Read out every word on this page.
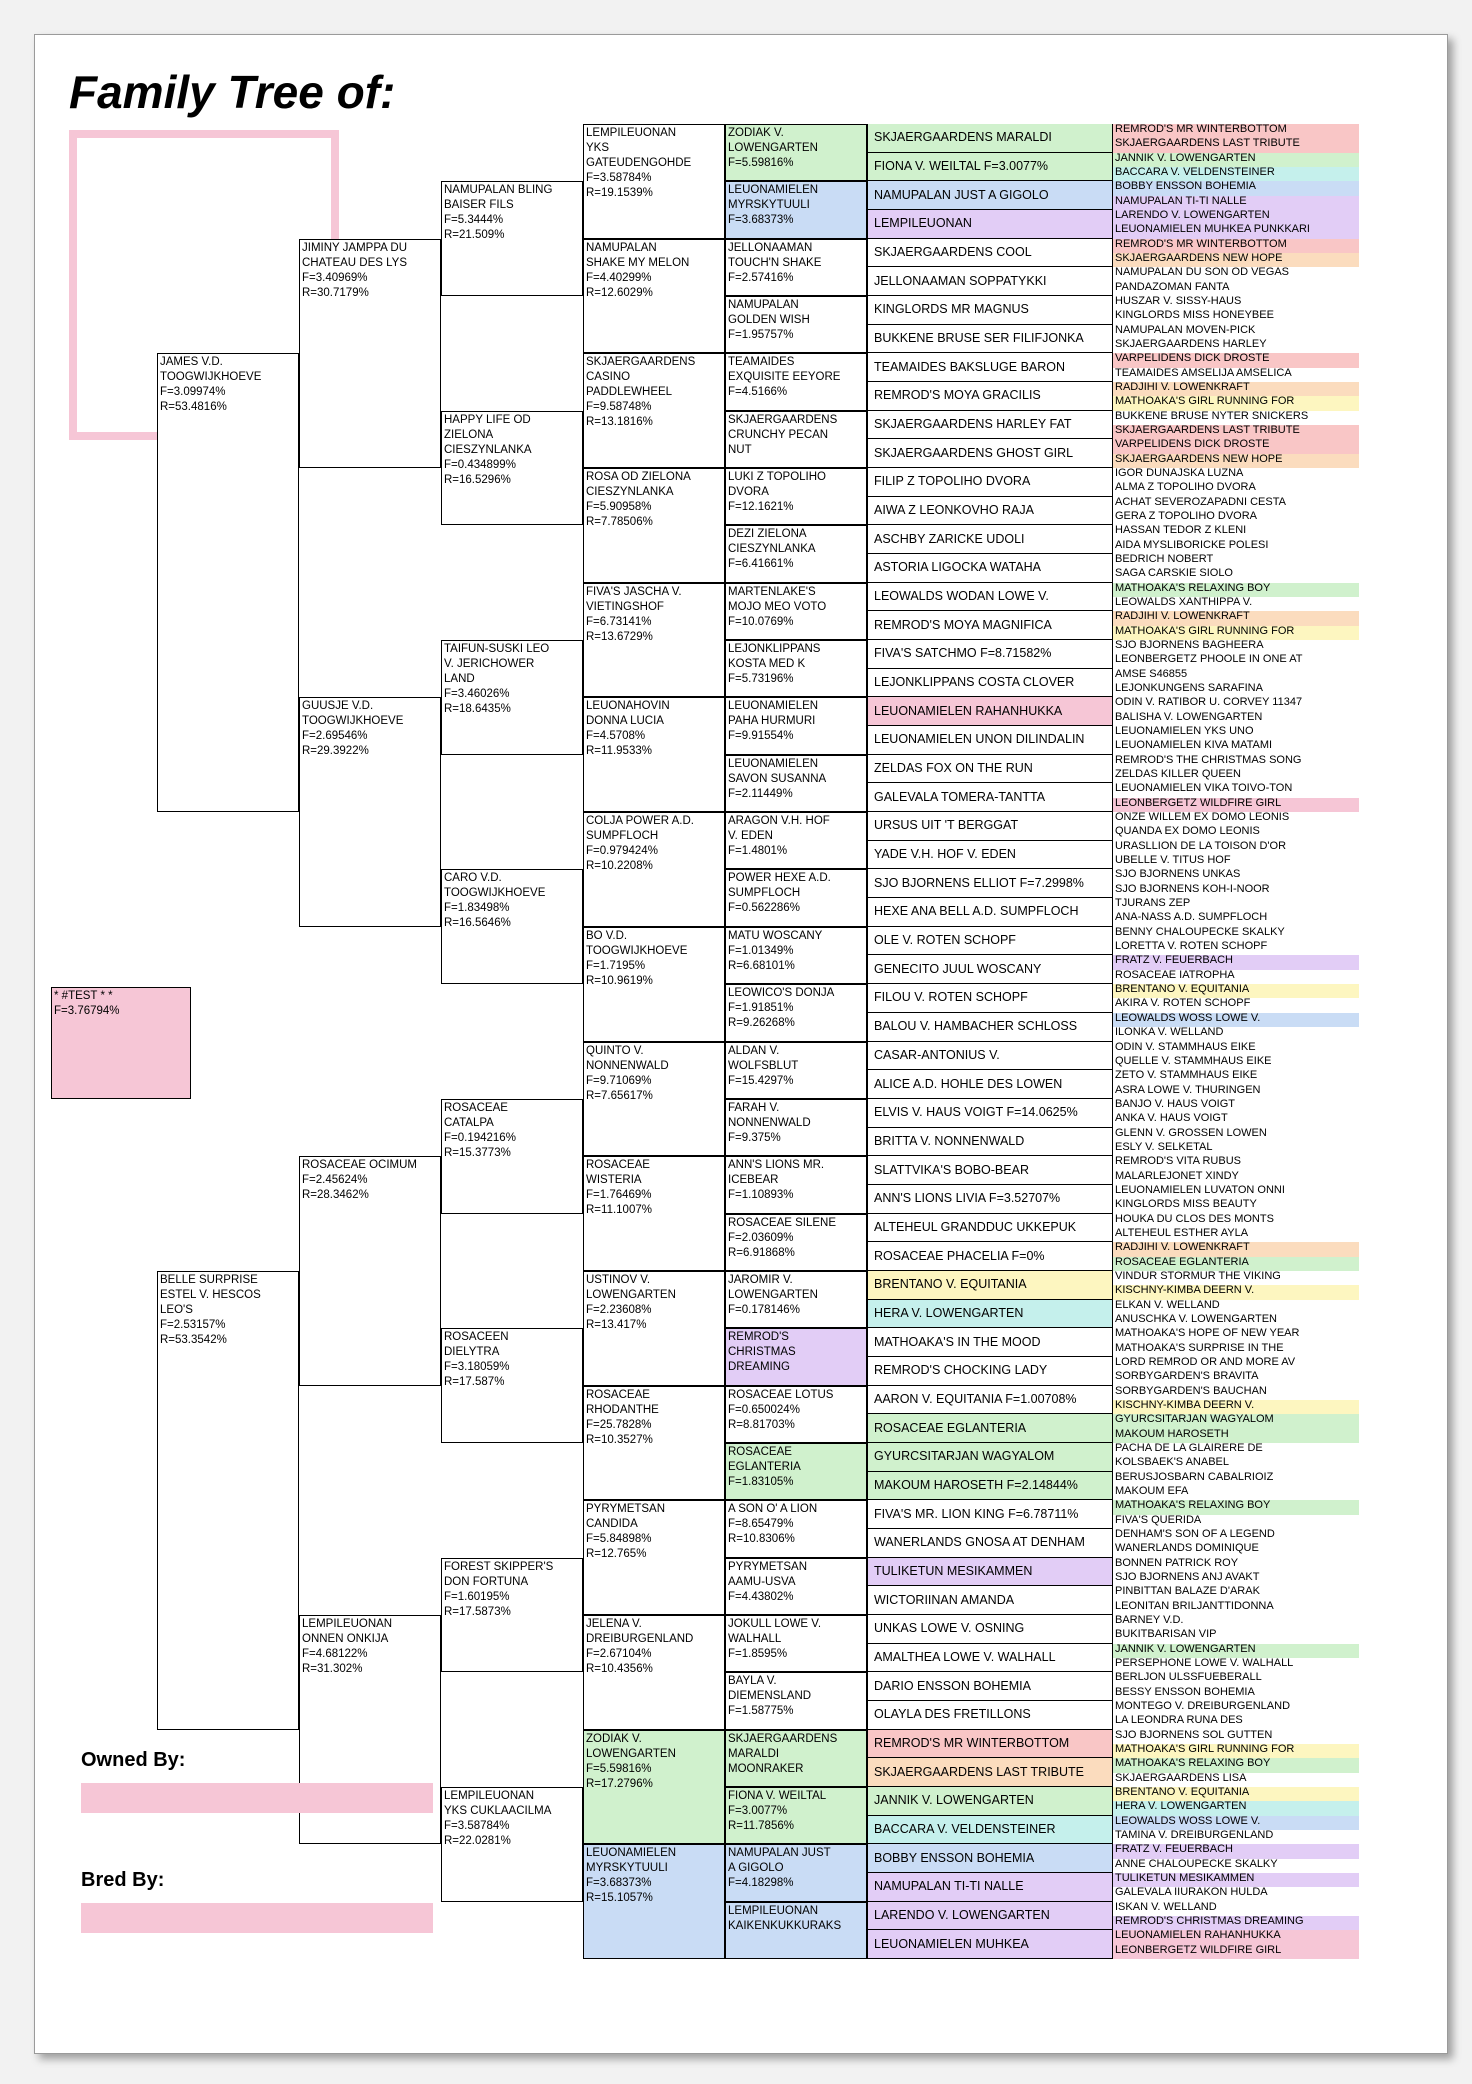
Family Tree of:
* #TEST * *
F=3.76794%
JAMES V.D.
TOOGWIJKHOEVE
F=3.09974%
R=53.4816%
BELLE SURPRISE
ESTEL V. HESCOS
LEO'S
F=2.53157%
R=53.3542%
JIMINY JAMPPA DU
CHATEAU DES LYS
F=3.40969%
R=30.7179%
GUUSJE V.D.
TOOGWIJKHOEVE
F=2.69546%
R=29.3922%
ROSACEAE OCIMUM
F=2.45624%
R=28.3462%
LEMPILEUONAN
ONNEN ONKIJA
F=4.68122%
R=31.302%
NAMUPALAN BLING
BAISER FILS
F=5.3444%
R=21.509%
HAPPY LIFE OD
ZIELONA
CIESZYNLANKA
F=0.434899%
R=16.5296%
TAIFUN-SUSKI LEO
V. JERICHOWER
LAND
F=3.46026%
R=18.6435%
CARO V.D.
TOOGWIJKHOEVE
F=1.83498%
R=16.5646%
ROSACEAE
CATALPA
F=0.194216%
R=15.3773%
ROSACEEN
DIELYTRA
F=3.18059%
R=17.587%
FOREST SKIPPER'S
DON FORTUNA
F=1.60195%
R=17.5873%
LEMPILEUONAN
YKS CUKLAACILMA
F=3.58784%
R=22.0281%
LEMPILEUONAN
YKS
GATEUDENGOHDE
F=3.58784%
R=19.1539%
NAMUPALAN
SHAKE MY MELON
F=4.40299%
R=12.6029%
SKJAERGAARDENS
CASINO
PADDLEWHEEL
F=9.58748%
R=13.1816%
ROSA OD ZIELONA
CIESZYNLANKA
F=5.90958%
R=7.78506%
FIVA'S JASCHA V.
VIETINGSHOF
F=6.73141%
R=13.6729%
LEUONAHOVIN
DONNA LUCIA
F=4.5708%
R=11.9533%
COLJA POWER A.D.
SUMPFLOCH
F=0.979424%
R=10.2208%
BO V.D.
TOOGWIJKHOEVE
F=1.7195%
R=10.9619%
QUINTO V.
NONNENWALD
F=9.71069%
R=7.65617%
ROSACEAE
WISTERIA
F=1.76469%
R=11.1007%
USTINOV V.
LOWENGARTEN
F=2.23608%
R=13.417%
ROSACEAE
RHODANTHE
F=25.7828%
R=10.3527%
PYRYMETSAN
CANDIDA
F=5.84898%
R=12.765%
JELENA V.
DREIBURGENLAND
F=2.67104%
R=10.4356%
ZODIAK V.
LOWENGARTEN
F=5.59816%
R=17.2796%
LEUONAMIELEN
MYRSKYTUULI
F=3.68373%
R=15.1057%
ZODIAK V.
LOWENGARTEN
F=5.59816%
LEUONAMIELEN
MYRSKYTUULI
F=3.68373%
JELLONAAMAN
TOUCH'N SHAKE
F=2.57416%
NAMUPALAN
GOLDEN WISH
F=1.95757%
TEAMAIDES
EXQUISITE EEYORE
F=4.5166%
SKJAERGAARDENS
CRUNCHY PECAN
NUT
LUKI Z TOPOLIHO
DVORA
F=12.1621%
DEZI ZIELONA
CIESZYNLANKA
F=6.41661%
MARTENLAKE'S
MOJO MEO VOTO
F=10.0769%
LEJONKLIPPANS
KOSTA MED K
F=5.73196%
LEUONAMIELEN
PAHA HURMURI
F=9.91554%
LEUONAMIELEN
SAVON SUSANNA
F=2.11449%
ARAGON V.H. HOF
V. EDEN
F=1.4801%
POWER HEXE A.D.
SUMPFLOCH
F=0.562286%
MATU WOSCANY
F=1.01349%
R=6.68101%
LEOWICO'S DONJA
F=1.91851%
R=9.26268%
ALDAN V.
WOLFSBLUT
F=15.4297%
FARAH V.
NONNENWALD
F=9.375%
ANN'S LIONS MR.
ICEBEAR
F=1.10893%
ROSACEAE SILENE
F=2.03609%
R=6.91868%
JAROMIR V.
LOWENGARTEN
F=0.178146%
REMROD'S
CHRISTMAS
DREAMING
ROSACEAE LOTUS
F=0.650024%
R=8.81703%
ROSACEAE
EGLANTERIA
F=1.83105%
A SON O' A LION
F=8.65479%
R=10.8306%
PYRYMETSAN
AAMU-USVA
F=4.43802%
JOKULL LOWE V.
WALHALL
F=1.8595%
BAYLA V.
DIEMENSLAND
F=1.58775%
SKJAERGAARDENS
MARALDI
MOONRAKER
FIONA V. WEILTAL
F=3.0077%
R=11.7856%
NAMUPALAN JUST
A GIGOLO
F=4.18298%
LEMPILEUONAN
KAIKENKUKKURAKS
SKJAERGAARDENS MARALDI
FIONA V. WEILTAL F=3.0077%
NAMUPALAN JUST A GIGOLO
LEMPILEUONAN
SKJAERGAARDENS COOL
JELLONAAMAN SOPPATYKKI
KINGLORDS MR MAGNUS
BUKKENE BRUSE SER FILIFJONKA
TEAMAIDES BAKSLUGE BARON
REMROD'S MOYA GRACILIS
SKJAERGAARDENS HARLEY FAT
SKJAERGAARDENS GHOST GIRL
FILIP Z TOPOLIHO DVORA
AIWA Z LEONKOVHO RAJA
ASCHBY ZARICKE UDOLI
ASTORIA LIGOCKA WATAHA
LEOWALDS WODAN LOWE V.
REMROD'S MOYA MAGNIFICA
FIVA'S SATCHMO F=8.71582%
LEJONKLIPPANS COSTA CLOVER
LEUONAMIELEN RAHANHUKKA
LEUONAMIELEN UNON DILINDALIN
ZELDAS FOX ON THE RUN
GALEVALA TOMERA-TANTTA
URSUS UIT 'T BERGGAT
YADE V.H. HOF V. EDEN
SJO BJORNENS ELLIOT F=7.2998%
HEXE ANA BELL A.D. SUMPFLOCH
OLE V. ROTEN SCHOPF
GENECITO JUUL WOSCANY
FILOU V. ROTEN SCHOPF
BALOU V. HAMBACHER SCHLOSS
CASAR-ANTONIUS V.
ALICE A.D. HOHLE DES LOWEN
ELVIS V. HAUS VOIGT F=14.0625%
BRITTA V. NONNENWALD
SLATTVIKA'S BOBO-BEAR
ANN'S LIONS LIVIA F=3.52707%
ALTEHEUL GRANDDUC UKKEPUK
ROSACEAE PHACELIA F=0%
BRENTANO V. EQUITANIA
HERA V. LOWENGARTEN
MATHOAKA'S IN THE MOOD
REMROD'S CHOCKING LADY
AARON V. EQUITANIA F=1.00708%
ROSACEAE EGLANTERIA
GYURCSITARJAN WAGYALOM
MAKOUM HAROSETH F=2.14844%
FIVA'S MR. LION KING F=6.78711%
WANERLANDS GNOSA AT DENHAM
TULIKETUN MESIKAMMEN
WICTORIINAN AMANDA
UNKAS LOWE V. OSNING
AMALTHEA LOWE V. WALHALL
DARIO ENSSON BOHEMIA
OLAYLA DES FRETILLONS
REMROD'S MR WINTERBOTTOM
SKJAERGAARDENS LAST TRIBUTE
JANNIK V. LOWENGARTEN
BACCARA V. VELDENSTEINER
BOBBY ENSSON BOHEMIA
NAMUPALAN TI-TI NALLE
LARENDO V. LOWENGARTEN
LEUONAMIELEN MUHKEA
REMROD'S MR WINTERBOTTOM
SKJAERGAARDENS LAST TRIBUTE
JANNIK V. LOWENGARTEN
BACCARA V. VELDENSTEINER
BOBBY ENSSON BOHEMIA
NAMUPALAN TI-TI NALLE
LARENDO V. LOWENGARTEN
LEUONAMIELEN MUHKEA PUNKKARI
REMROD'S MR WINTERBOTTOM
SKJAERGAARDENS NEW HOPE
NAMUPALAN DU SON OD VEGAS
PANDAZOMAN FANTA
HUSZAR V. SISSY-HAUS
KINGLORDS MISS HONEYBEE
NAMUPALAN MOVEN-PICK
SKJAERGAARDENS HARLEY
VARPELIDENS DICK DROSTE
TEAMAIDES AMSELIJA AMSELICA
RADJIHI V. LOWENKRAFT
MATHOAKA'S GIRL RUNNING FOR
BUKKENE BRUSE NYTER SNICKERS
SKJAERGAARDENS LAST TRIBUTE
VARPELIDENS DICK DROSTE
SKJAERGAARDENS NEW HOPE
IGOR DUNAJSKA LUZNA
ALMA Z TOPOLIHO DVORA
ACHAT SEVEROZAPADNI CESTA
GERA Z TOPOLIHO DVORA
HASSAN TEDOR Z KLENI
AIDA MYSLIBORICKE POLESI
BEDRICH NOBERT
SAGA CARSKIE SIOLO
MATHOAKA'S RELAXING BOY
LEOWALDS XANTHIPPA V.
RADJIHI V. LOWENKRAFT
MATHOAKA'S GIRL RUNNING FOR
SJO BJORNENS BAGHEERA
LEONBERGETZ PHOOLE IN ONE AT
AMSE S46855
LEJONKUNGENS SARAFINA
ODIN V. RATIBOR U. CORVEY 11347
BALISHA V. LOWENGARTEN
LEUONAMIELEN YKS UNO
LEUONAMIELEN KIVA MATAMI
REMROD'S THE CHRISTMAS SONG
ZELDAS KILLER QUEEN
LEUONAMIELEN VIKA TOIVO-TON
LEONBERGETZ WILDFIRE GIRL
ONZE WILLEM EX DOMO LEONIS
QUANDA EX DOMO LEONIS
URASLLION DE LA TOISON D'OR
UBELLE V. TITUS HOF
SJO BJORNENS UNKAS
SJO BJORNENS KOH-I-NOOR
TJURANS ZEP
ANA-NASS A.D. SUMPFLOCH
BENNY CHALOUPECKE SKALKY
LORETTA V. ROTEN SCHOPF
FRATZ V. FEUERBACH
ROSACEAE IATROPHA
BRENTANO V. EQUITANIA
AKIRA V. ROTEN SCHOPF
LEOWALDS WOSS LOWE V.
ILONKA V. WELLAND
ODIN V. STAMMHAUS EIKE
QUELLE V. STAMMHAUS EIKE
ZETO V. STAMMHAUS EIKE
ASRA LOWE V. THURINGEN
BANJO V. HAUS VOIGT
ANKA V. HAUS VOIGT
GLENN V. GROSSEN LOWEN
ESLY V. SELKETAL
REMROD'S VITA RUBUS
MALARLEJONET XINDY
LEUONAMIELEN LUVATON ONNI
KINGLORDS MISS BEAUTY
HOUKA DU CLOS DES MONTS
ALTEHEUL ESTHER AYLA
RADJIHI V. LOWENKRAFT
ROSACEAE EGLANTERIA
VINDUR STORMUR THE VIKING
KISCHNY-KIMBA DEERN V.
ELKAN V. WELLAND
ANUSCHKA V. LOWENGARTEN
MATHOAKA'S HOPE OF NEW YEAR
MATHOAKA'S SURPRISE IN THE
LORD REMROD OR AND MORE AV
SORBYGARDEN'S BRAVITA
SORBYGARDEN'S BAUCHAN
KISCHNY-KIMBA DEERN V.
GYURCSITARJAN WAGYALOM
MAKOUM HAROSETH
PACHA DE LA GLAIRERE DE
KOLSBAEK'S ANABEL
BERUSJOSBARN CABALRIOIZ
MAKOUM EFA
MATHOAKA'S RELAXING BOY
FIVA'S QUERIDA
DENHAM'S SON OF A LEGEND
WANERLANDS DOMINIQUE
BONNEN PATRICK ROY
SJO BJORNENS ANJ AVAKT
PINBITTAN BALAZE D'ARAK
LEONITAN BRILJANTTIDONNA
BARNEY V.D.
BUKITBARISAN VIP
JANNIK V. LOWENGARTEN
PERSEPHONE LOWE V. WALHALL
BERLJON ULSSFUEBERALL
BESSY ENSSON BOHEMIA
MONTEGO V. DREIBURGENLAND
LA LEONDRA RUNA DES
SJO BJORNENS SOL GUTTEN
MATHOAKA'S GIRL RUNNING FOR
MATHOAKA'S RELAXING BOY
SKJAERGAARDENS LISA
BRENTANO V. EQUITANIA
HERA V. LOWENGARTEN
LEOWALDS WOSS LOWE V.
TAMINA V. DREIBURGENLAND
FRATZ V. FEUERBACH
ANNE CHALOUPECKE SKALKY
TULIKETUN MESIKAMMEN
GALEVALA IIURAKON HULDA
ISKAN V. WELLAND
REMROD'S CHRISTMAS DREAMING
LEUONAMIELEN RAHANHUKKA
LEONBERGETZ WILDFIRE GIRL
Owned By:
Bred By:
